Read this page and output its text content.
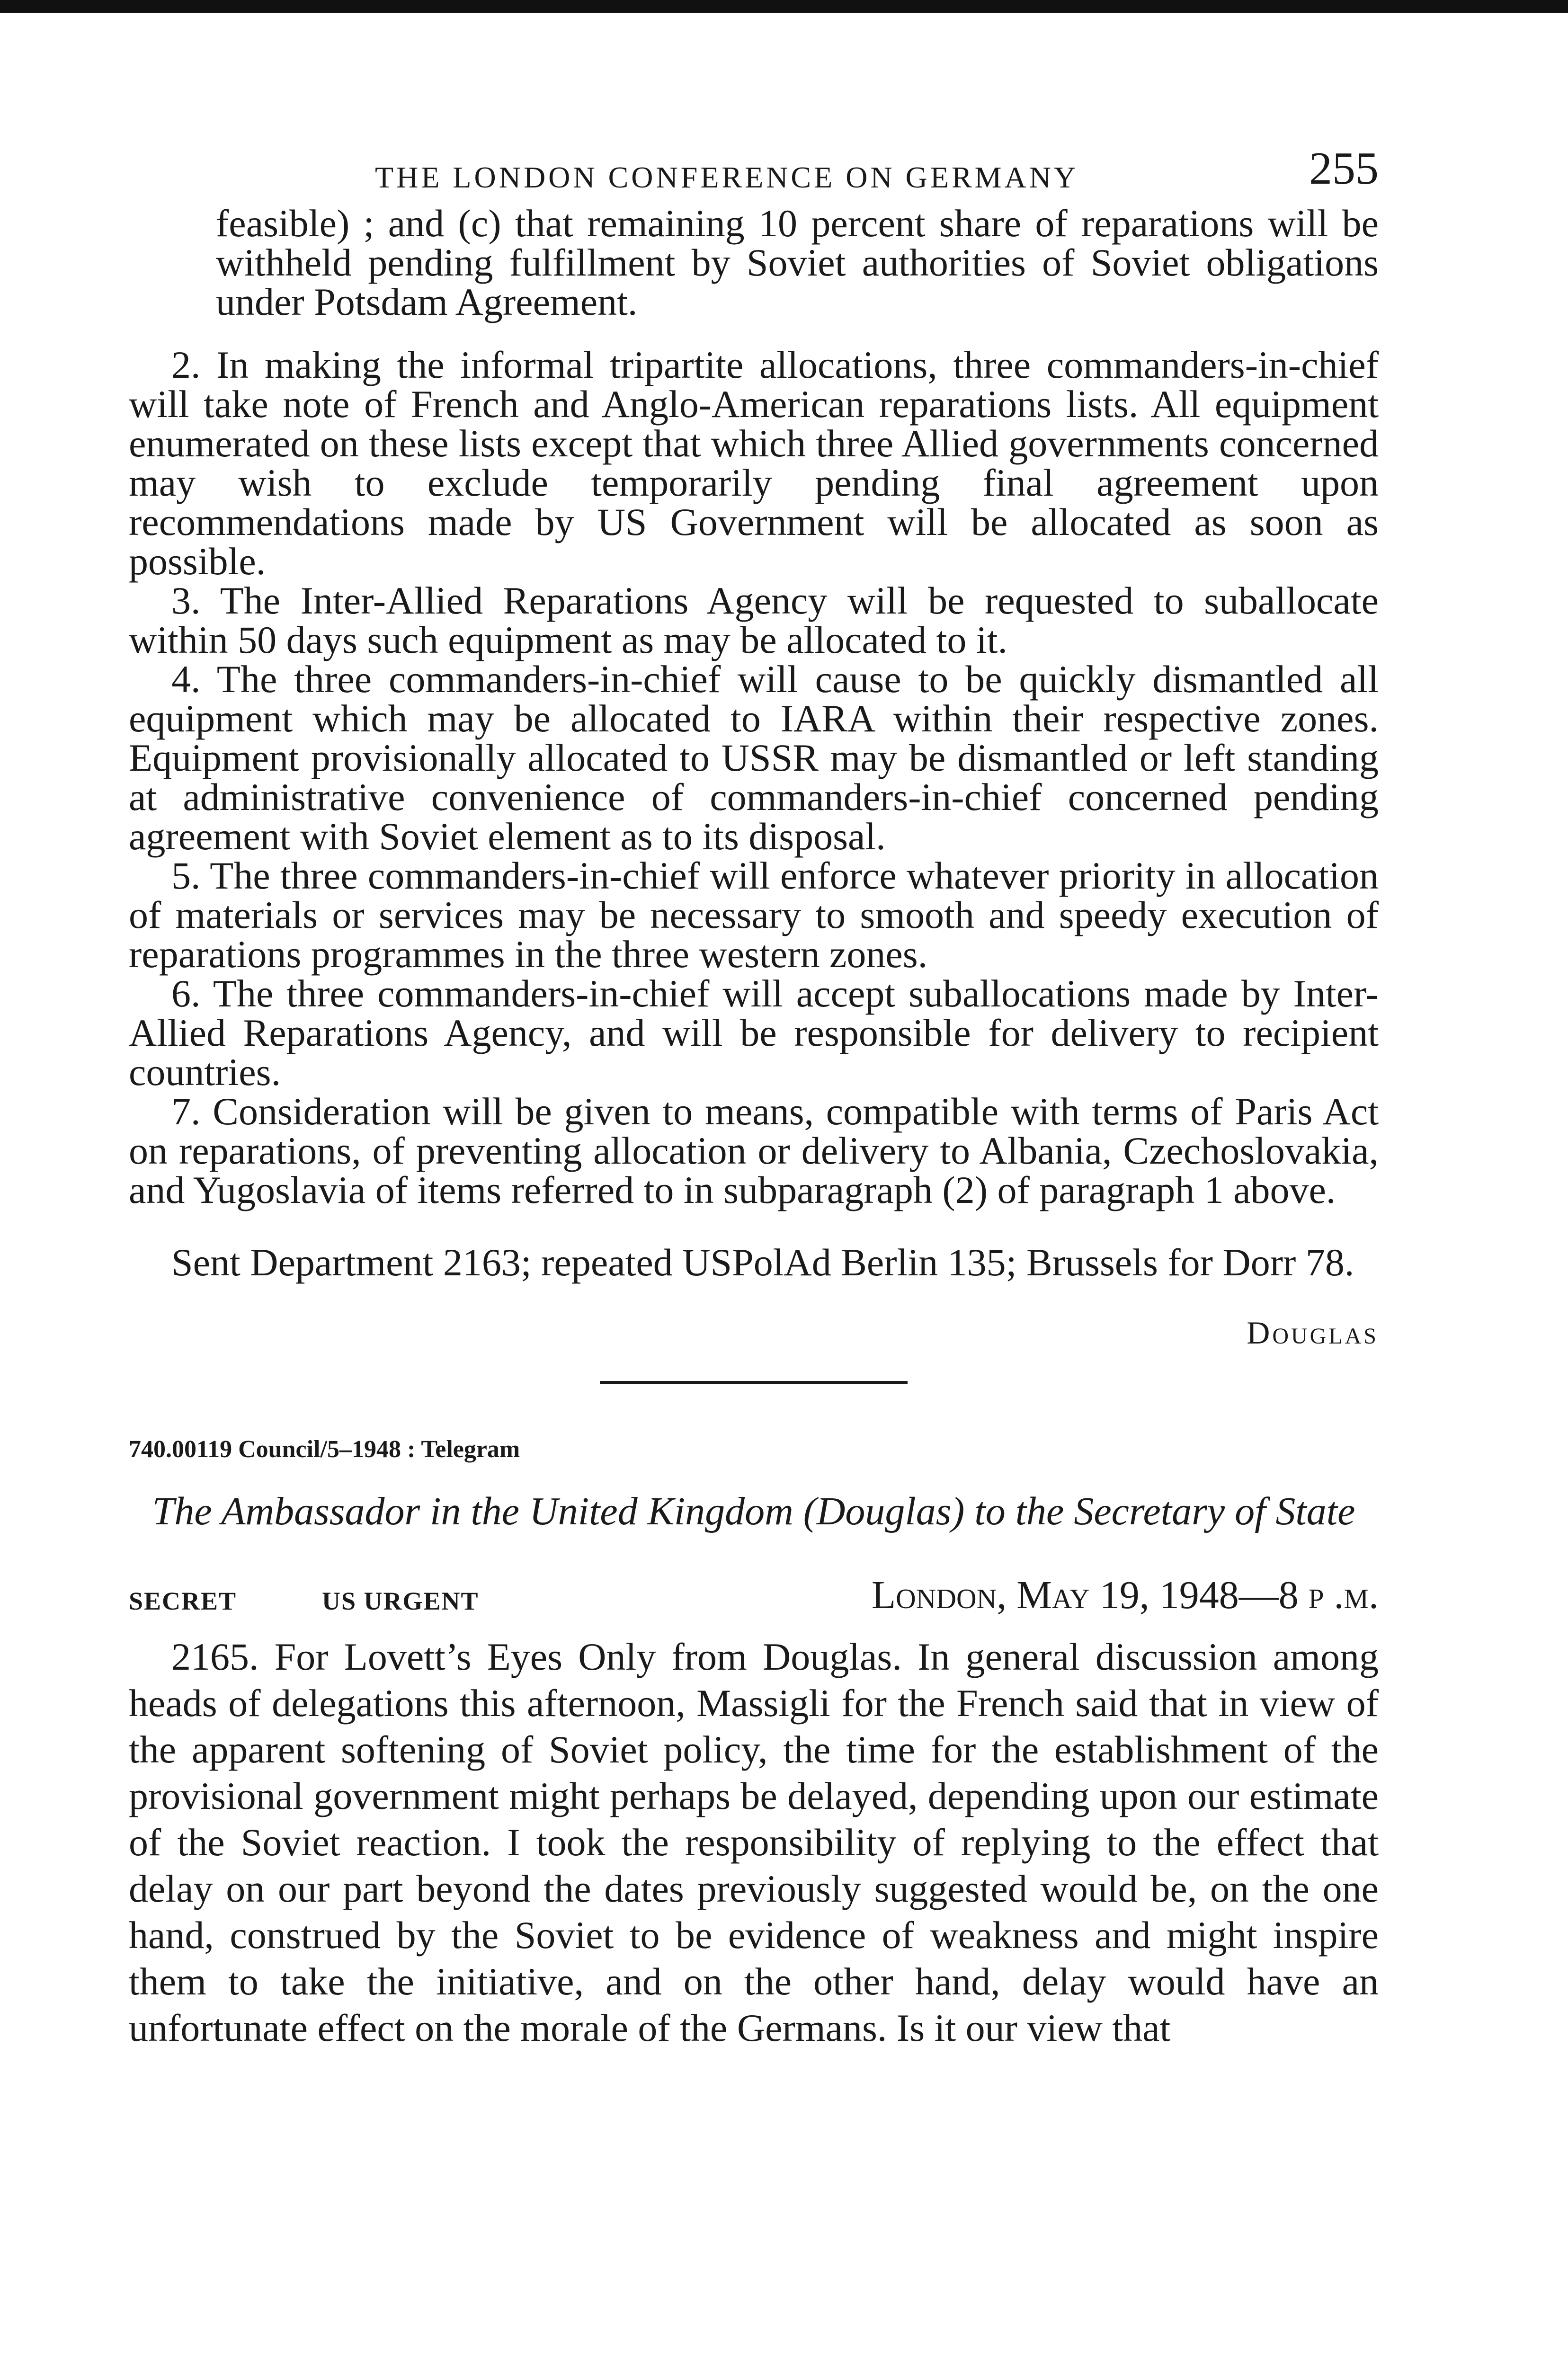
THE LONDON CONFERENCE ON GERMANY	255

feasible) ; and (c) that remaining 10 percent share of reparations will be withheld pending fulfillment by Soviet authorities of Soviet obligations under Potsdam Agreement.

2. In making the informal tripartite allocations, three commanders-in-chief will take note of French and Anglo-American reparations lists. All equipment enumerated on these lists except that which three Allied governments concerned may wish to exclude temporarily pending final agreement upon recommendations made by US Government will be allocated as soon as possible.

3. The Inter-Allied Reparations Agency will be requested to suballocate within 50 days such equipment as may be allocated to it.

4. The three commanders-in-chief will cause to be quickly dismantled all equipment which may be allocated to IARA within their respective zones. Equipment provisionally allocated to USSR may be dismantled or left standing at administrative convenience of commanders-in-chief concerned pending agreement with Soviet element as to its disposal.

5. The three commanders-in-chief will enforce whatever priority in allocation of materials or services may be necessary to smooth and speedy execution of reparations programmes in the three western zones.

6. The three commanders-in-chief will accept suballocations made by Inter-Allied Reparations Agency, and will be responsible for delivery to recipient countries.

7. Consideration will be given to means, compatible with terms of Paris Act on reparations, of preventing allocation or delivery to Albania, Czechoslovakia, and Yugoslavia of items referred to in subparagraph (2) of paragraph 1 above.

Sent Department 2163; repeated USPolAd Berlin 135; Brussels for Dorr 78.

Douglas
740.00119 Council/5–1948 : Telegram
The Ambassador in the United Kingdom (Douglas) to the Secretary of State
SECRET	US URGENT	London, May 19, 1948—8 p .m.

2165. For Lovett’s Eyes Only from Douglas. In general discussion among heads of delegations this afternoon, Massigli for the French said that in view of the apparent softening of Soviet policy, the time for the establishment of the provisional government might perhaps be delayed, depending upon our estimate of the Soviet reaction. I took the responsibility of replying to the effect that delay on our part beyond the dates previously suggested would be, on the one hand, construed by the Soviet to be evidence of weakness and might inspire them to take the initiative, and on the other hand, delay would have an unfortunate effect on the morale of the Germans. Is it our view that
